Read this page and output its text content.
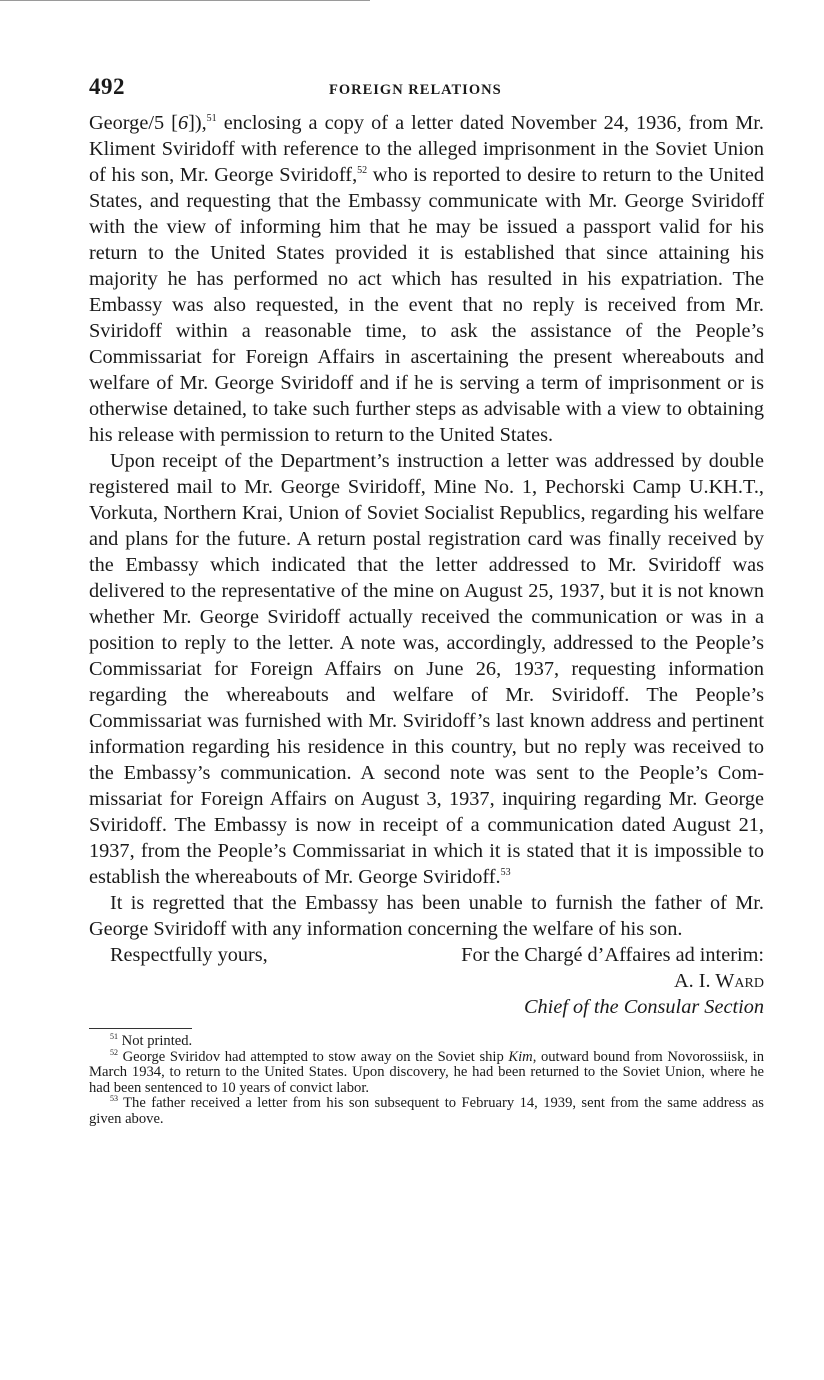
492	FOREIGN RELATIONS

George/5 [6]),$^{51}$ enclosing a copy of a letter dated November 24, 1936, from Mr. Kliment Sviridoff with reference to the alleged imprisonment in the Soviet Union of his son, Mr. George Sviridoff,$^{52}$ who is reported to desire to return to the United States, and requesting that the Embassy communicate with Mr. George Sviridoff with the view of informing him that he may be issued a passport valid for his return to the United States provided it is established that since attaining his majority he has performed no act which has resulted in his expatriation. The Embassy was also requested, in the event that no reply is received from Mr. Sviridoff within a reasonable time, to ask the assistance of the People’s Commissariat for Foreign Affairs in ascertaining the present whereabouts and welfare of Mr. George Sviridoff and if he is serving a term of imprisonment or is otherwise detained, to take such further steps as advisable with a view to obtaining his release with permission to return to the United States.

Upon receipt of the Department’s instruction a letter was addressed by double registered mail to Mr. George Sviridoff, Mine No. 1, Pechorski Camp U.KH.T., Vorkuta, Northern Krai, Union of Soviet Socialist Republics, regarding his welfare and plans for the future. A return postal registration card was finally received by the Embassy which indicated that the letter addressed to Mr. Sviridoff was delivered to the representative of the mine on August 25, 1937, but it is not known whether Mr. George Sviridoff actually received the communication or was in a position to reply to the letter. A note was, accordingly, addressed to the People’s Commissariat for Foreign Affairs on June 26, 1937, requesting information regarding the whereabouts and welfare of Mr. Sviridoff. The People’s Commissariat was furnished with Mr. Sviridoff’s last known address and pertinent information regarding his residence in this country, but no reply was received to the Embassy’s communication. A second note was sent to the People’s Commissariat for Foreign Affairs on August 3, 1937, inquiring regarding Mr. George Sviridoff. The Embassy is now in receipt of a communication dated August 21, 1937, from the People’s Commissariat in which it is stated that it is impossible to establish the whereabouts of Mr. George Sviridoff.$^{53}$

It is regretted that the Embassy has been unable to furnish the father of Mr. George Sviridoff with any information concerning the welfare of his son.

Respectfully yours,	For the Chargé d’Affaires ad interim:
A. I. Ward
Chief of the Consular Section

$^{51}$ Not printed.

$^{52}$ George Sviridov had attempted to stow away on the Soviet ship Kim, outward bound from Novorossiisk, in March 1934, to return to the United States. Upon discovery, he had been returned to the Soviet Union, where he had been sentenced to 10 years of convict labor.

$^{53}$ The father received a letter from his son subsequent to February 14, 1939, sent from the same address as given above.
